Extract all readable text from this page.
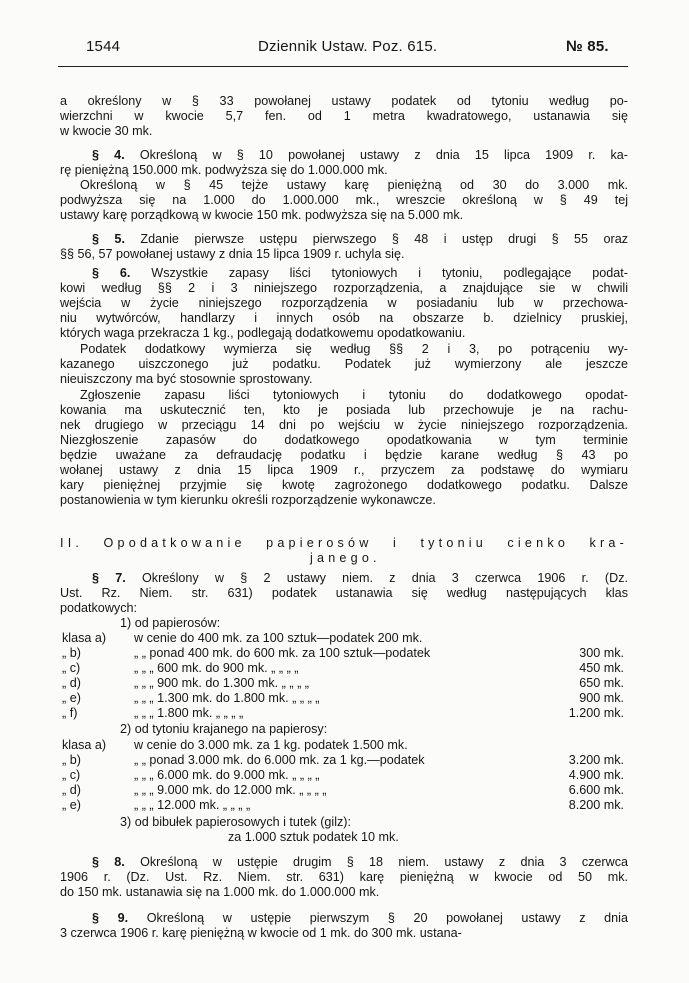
1544	Dziennik Ustaw. Poz. 615.	№ 85.
a określony w § 33 powołanej ustawy podatek od tytoniu według po-
wierzchni w kwocie 5,7 fen. od 1 metra kwadratowego, ustanawia się
w kwocie 30 mk.
§ 4. Określoną w § 10 powołanej ustawy z dnia 15 lipca 1909 r. ka-
rę pieniężną 150.000 mk. podwyższa się do 1.000.000 mk.
Określoną w § 45 tejże ustawy karę pieniężną od 30 do 3.000 mk.
podwyższa się na 1.000 do 1.000.000 mk., wreszcie określoną w § 49 tej
ustawy karę porządkową w kwocie 150 mk. podwyższa się na 5.000 mk.
§ 5. Zdanie pierwsze ustępu pierwszego § 48 i ustęp drugi § 55 oraz
§§ 56, 57 powołanej ustawy z dnia 15 lipca 1909 r. uchyla się.
§ 6. Wszystkie zapasy liści tytoniowych i tytoniu, podlegające podat-
kowi według §§ 2 i 3 niniejszego rozporządzenia, a znajdujące sie w chwili
wejścia w życie niniejszego rozporządzenia w posiadaniu lub w przechowa-
niu wytwórców, handlarzy i innych osób na obszarze b. dzielnicy pruskiej,
których waga przekracza 1 kg., podlegają dodatkowemu opodatkowaniu.
Podatek dodatkowy wymierza się według §§ 2 i 3, po potrąceniu wy-
kazanego uiszczonego już podatku. Podatek już wymierzony ale jeszcze
nieuiszczony ma być stosownie sprostowany.
Zgłoszenie zapasu liści tytoniowych i tytoniu do dodatkowego opodat-
kowania ma uskutecznić ten, kto je posiada lub przechowuje je na rachu-
nek drugiego w przeciągu 14 dni po wejściu w życie niniejszego rozporządzenia.
Niezgłoszenie zapasów do dodatkowego opodatkowania w tym terminie
będzie uważane za defraudację podatku i będzie karane według § 43 po
wołanej ustawy z dnia 15 lipca 1909 r., przyczem za podstawę do wymiaru
kary pieniężnej przyjmie się kwotę zagrożonego dodatkowego podatku. Dalsze
postanowienia w tym kierunku określi rozporządzenie wykonawcze.
II. Opodatkowanie papierosów i tytoniu cienko kra-
janego.
§ 7. Określony w § 2 ustawy niem. z dnia 3 czerwca 1906 r. (Dz.
Ust. Rz. Niem. str. 631) podatek ustanawia się według następujących klas
podatkowych:
§ 8. Określoną w ustępie drugim § 18 niem. ustawy z dnia 3 czerwca
1906 r. (Dz. Ust. Rz. Niem. str. 631) karę pieniężną w kwocie od 50 mk.
do 150 mk. ustanawia się na 1.000 mk. do 1.000.000 mk.
§ 9. Określoną w ustępie pierwszym § 20 powołanej ustawy z dnia
3 czerwca 1906 r. karę pieniężną w kwocie od 1 mk. do 300 mk. ustana-
1) od papierosów:
klasa a) w cenie do 400 mk. za 100 sztuk—podatek 200 mk.
„ b)	„ „ ponad 400 mk. do 600 mk. za 100 sztuk—podatek	300 mk.
„ c)	„ „ „ 600 mk. do 900 mk. „ „ „ „	450 mk.
„ d)	„ „ „ 900 mk. do 1.300 mk. „ „ „ „	650 mk.
„ e)	„ „ „ 1.300 mk. do 1.800 mk. „ „ „ „	900 mk.
„ f)	„ „ „ 1.800 mk. „ „ „ „	1.200 mk.
2) od tytoniu krajanego na papierosy:
klasa a) w cenie do 3.000 mk. za 1 kg. podatek 1.500 mk.
„ b)	„ „ ponad 3.000 mk. do 6.000 mk. za 1 kg.—podatek	3.200 mk.
„ c)	„ „ „ 6.000 mk. do 9.000 mk. „ „ „ „	4.900 mk.
„ d)	„ „ „ 9.000 mk. do 12.000 mk. „ „ „ „	6.600 mk.
„ e)	„ „ „ 12.000 mk. „ „ „ „	8.200 mk.
3) od bibułek papierosowych i tutek (gilz):
za 1.000 sztuk podatek 10 mk.
